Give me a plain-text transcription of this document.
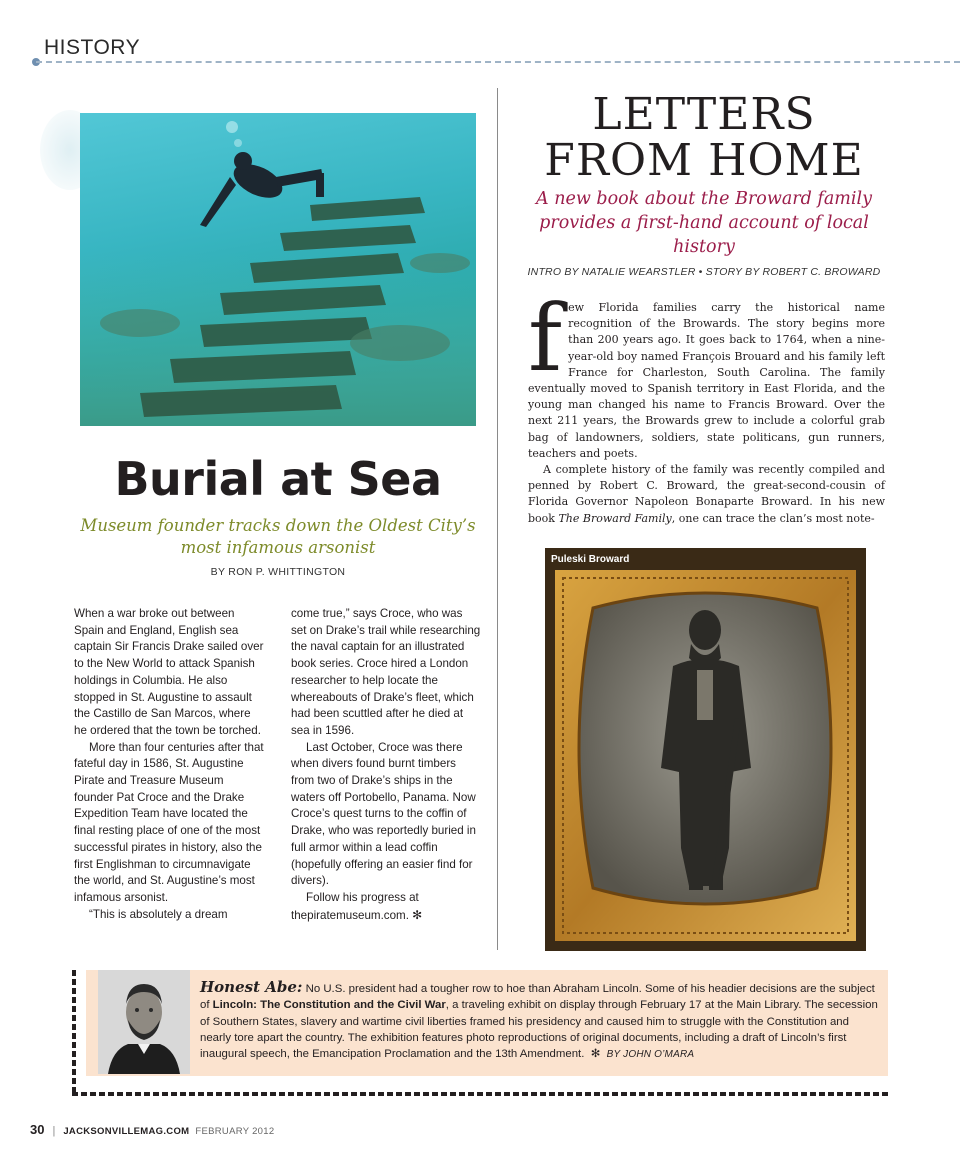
HISTORY
Burial at Sea
Museum founder tracks down the Oldest City’s most infamous arsonist
BY RON P. WHITTINGTON

When a war broke out between Spain and England, English sea captain Sir Francis Drake sailed over to the New World to attack Spanish holdings in Columbia. He also stopped in St. Augustine to assault the Castillo de San Marcos, where he ordered that the town be torched.

More than four centuries after that fateful day in 1586, St. Augustine Pirate and Treasure Museum founder Pat Croce and the Drake Expedition Team have located the final resting place of one of the most successful pirates in history, also the first Englishman to circumnavigate the world, and St. Augustine’s most infamous arsonist.

“This is absolutely a dream

come true,” says Croce, who was set on Drake’s trail while researching the naval captain for an illustrated book series. Croce hired a London researcher to help locate the whereabouts of Drake’s fleet, which had been scuttled after he died at sea in 1596.

Last October, Croce was there when divers found burnt timbers from two of Drake’s ships in the waters off Portobello, Panama. Now Croce’s quest turns to the coffin of Drake, who was reportedly buried in full armor within a lead coffin (hopefully offering an easier find for divers).

Follow his progress at thepiratemuseum.com. ✻

LETTERS
FROM HOME
A new book about the Broward family provides a first-hand account of local history
INTRO BY NATALIE WEARSTLER • STORY BY ROBERT C. BROWARD

few Florida families carry the historical name recognition of the Browards. The story begins more than 200 years ago. It goes back to 1764, when a nine-year-old boy named François Brouard and his family left France for Charleston, South Carolina. The family eventually moved to Spanish territory in East Florida, and the young man changed his name to Francis Broward. Over the next 211 years, the Browards grew to include a colorful grab bag of landowners, soldiers, state politicans, gun runners, teachers and poets.

A complete history of the family was recently compiled and penned by Robert C. Broward, the great-second-cousin of Florida Governor Napoleon Bonaparte Broward. In his new book The Broward Family, one can trace the clan’s most note-

Puleski Broward
Honest Abe: No U.S. president had a tougher row to hoe than Abraham Lincoln. Some of his headier decisions are the subject of Lincoln: The Constitution and the Civil War, a traveling exhibit on display through February 17 at the Main Library. The secession of Southern States, slavery and wartime civil liberties framed his presidency and caused him to struggle with the Constitution and nearly tore apart the country. The exhibition features photo reproductions of original documents, including a draft of Lincoln’s first inaugural speech, the Emancipation Proclamation and the 13th Amendment. ✻ BY JOHN O’MARA
30 | JACKSONVILLEMAG.COM FEBRUARY 2012
